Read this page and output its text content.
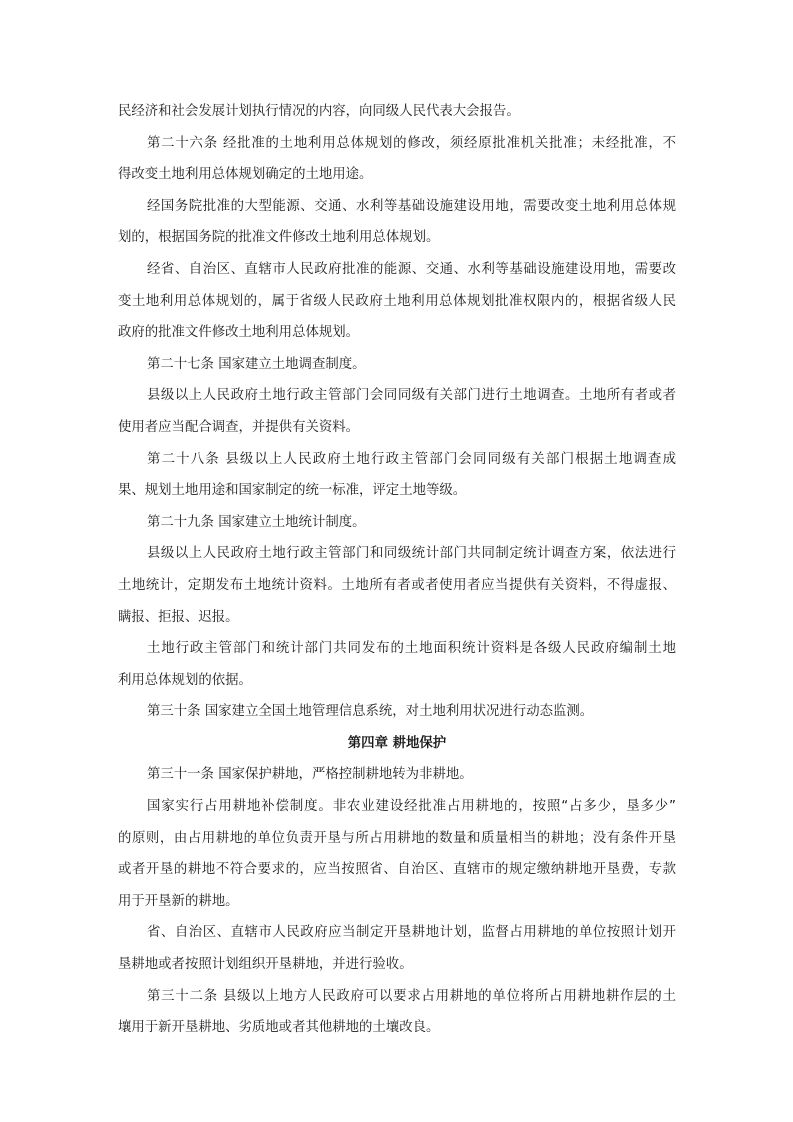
民经济和社会发展计划执行情况的内容，向同级人民代表大会报告。
第二十六条 经批准的土地利用总体规划的修改，须经原批准机关批准；未经批准，不
得改变土地利用总体规划确定的土地用途。
经国务院批准的大型能源、交通、水利等基础设施建设用地，需要改变土地利用总体规
划的，根据国务院的批准文件修改土地利用总体规划。
经省、自治区、直辖市人民政府批准的能源、交通、水利等基础设施建设用地，需要改
变土地利用总体规划的，属于省级人民政府土地利用总体规划批准权限内的，根据省级人民
政府的批准文件修改土地利用总体规划。
第二十七条 国家建立土地调查制度。
县级以上人民政府土地行政主管部门会同同级有关部门进行土地调查。土地所有者或者
使用者应当配合调查，并提供有关资料。
第二十八条 县级以上人民政府土地行政主管部门会同同级有关部门根据土地调查成
果、规划土地用途和国家制定的统一标准，评定土地等级。
第二十九条 国家建立土地统计制度。
县级以上人民政府土地行政主管部门和同级统计部门共同制定统计调查方案，依法进行
土地统计，定期发布土地统计资料。土地所有者或者使用者应当提供有关资料，不得虚报、
瞒报、拒报、迟报。
土地行政主管部门和统计部门共同发布的土地面积统计资料是各级人民政府编制土地
利用总体规划的依据。
第三十条 国家建立全国土地管理信息系统，对土地利用状况进行动态监测。
第四章 耕地保护
第三十一条 国家保护耕地，严格控制耕地转为非耕地。
国家实行占用耕地补偿制度。非农业建设经批准占用耕地的，按照“占多少，垦多少”
的原则，由占用耕地的单位负责开垦与所占用耕地的数量和质量相当的耕地；没有条件开垦
或者开垦的耕地不符合要求的，应当按照省、自治区、直辖市的规定缴纳耕地开垦费，专款
用于开垦新的耕地。
省、自治区、直辖市人民政府应当制定开垦耕地计划，监督占用耕地的单位按照计划开
垦耕地或者按照计划组织开垦耕地，并进行验收。
第三十二条 县级以上地方人民政府可以要求占用耕地的单位将所占用耕地耕作层的土
壤用于新开垦耕地、劣质地或者其他耕地的土壤改良。
